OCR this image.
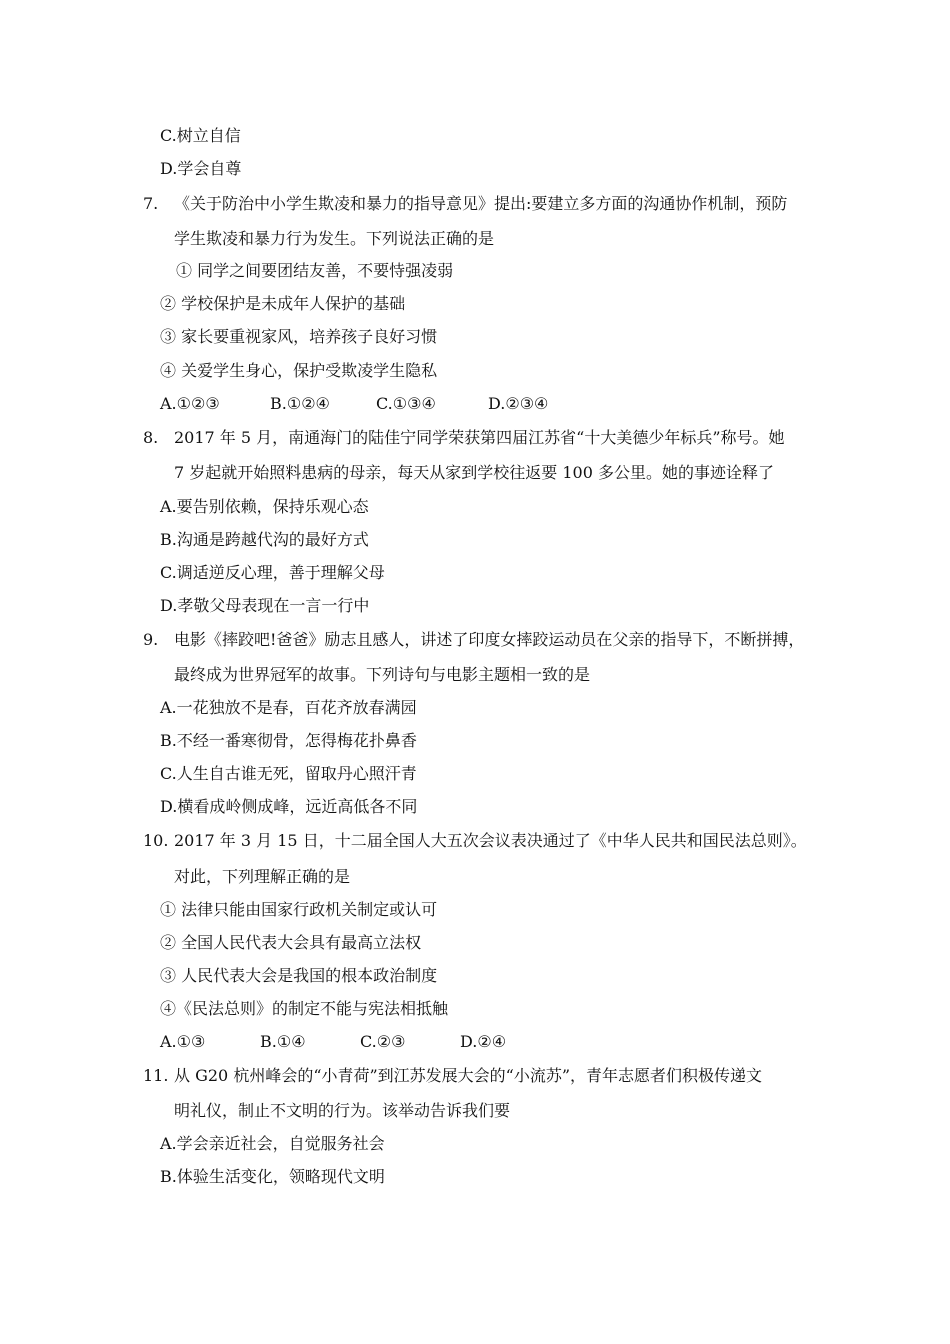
C.树立自信
D.学会自尊
7. 《关于防治中小学生欺凌和暴力的指导意见》提出:要建立多方面的沟通协作机制，预防
学生欺凌和暴力行为发生。下列说法正确的是
① 同学之间要团结友善，不要恃强凌弱
② 学校保护是未成年人保护的基础
③ 家长要重视家风，培养孩子良好习惯
④ 关爱学生身心，保护受欺凌学生隐私
A.①②③	B.①②④	C.①③④	D.②③④
8. 2017 年 5 月，南通海门的陆佳宁同学荣获第四届江苏省“十大美德少年标兵”称号。她
7 岁起就开始照料患病的母亲，每天从家到学校往返要 100 多公里。她的事迹诠释了
A.要告别依赖，保持乐观心态
B.沟通是跨越代沟的最好方式
C.调适逆反心理，善于理解父母
D.孝敬父母表现在一言一行中
9. 电影《摔跤吧!爸爸》励志且感人，讲述了印度女摔跤运动员在父亲的指导下，不断拼搏，
最终成为世界冠军的故事。下列诗句与电影主题相一致的是
A.一花独放不是春，百花齐放春满园
B.不经一番寒彻骨，怎得梅花扑鼻香
C.人生自古谁无死，留取丹心照汗青
D.横看成岭侧成峰，远近高低各不同
10. 2017 年 3 月 15 日，十二届全国人大五次会议表决通过了《中华人民共和国民法总则》。
对此，下列理解正确的是
① 法律只能由国家行政机关制定或认可
② 全国人民代表大会具有最高立法权
③ 人民代表大会是我国的根本政治制度
④《民法总则》的制定不能与宪法相抵触
A.①③	B.①④	C.②③	D.②④
11. 从 G20 杭州峰会的“小青荷”到江苏发展大会的“小流苏”，青年志愿者们积极传递文
明礼仪，制止不文明的行为。该举动告诉我们要
A.学会亲近社会，自觉服务社会
B.体验生活变化，领略现代文明
